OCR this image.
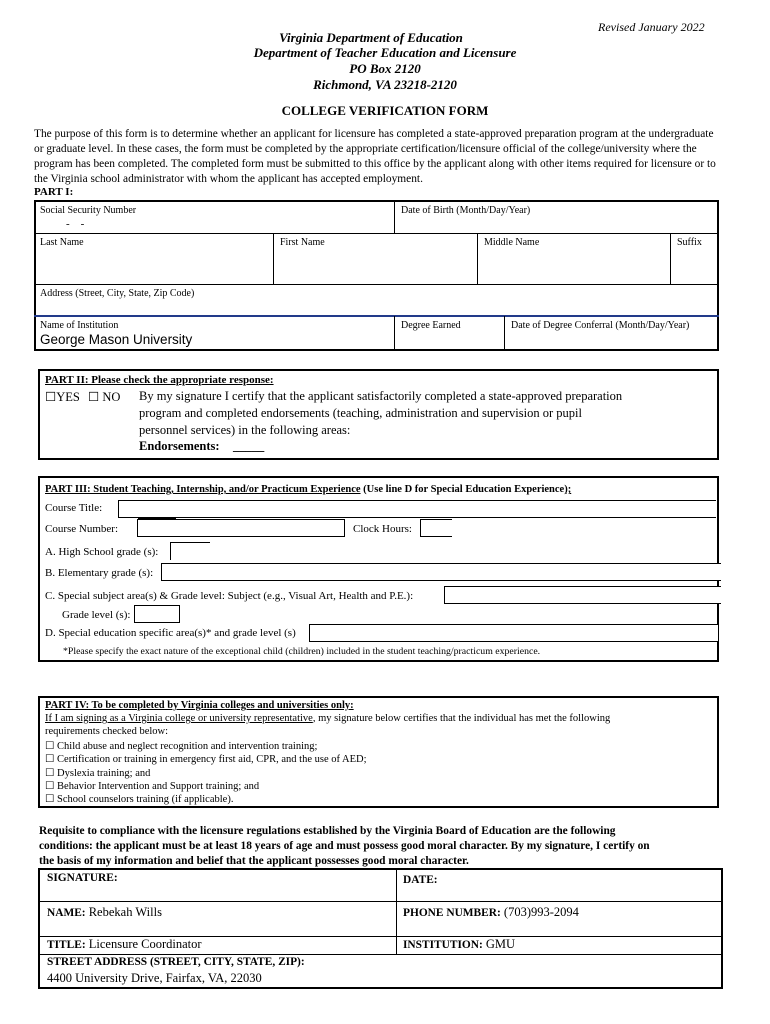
Revised January 2022
Virginia Department of Education
Department of Teacher Education and Licensure
PO Box 2120
Richmond, VA 23218-2120
COLLEGE VERIFICATION FORM
The purpose of this form is to determine whether an applicant for licensure has completed a state-approved preparation program at the undergraduate or graduate level. In these cases, the form must be completed by the appropriate certification/licensure official of the college/university where the program has been completed. The completed form must be submitted to this office by the applicant along with other items required for licensure or to the Virginia school administrator with whom the applicant has accepted employment.
PART I:
Social Security Number
-    -
Date of Birth (Month/Day/Year)
Last Name	First Name	Middle Name	Suffix
Address (Street, City, State, Zip Code)
Name of Institution
George Mason University
Degree Earned	Date of Degree Conferral (Month/Day/Year)
PART II: Please check the appropriate response:
☐YES ☐ NO By my signature I certify that the applicant satisfactorily completed a state-approved preparation
program and completed endorsements (teaching, administration and supervision or pupil
personnel services) in the following areas:
Endorsements: _____
PART III: Student Teaching, Internship, and/or Practicum Experience (Use line D for Special Education Experience);
Course Title:
Course Number:	Clock Hours:
A. High School grade (s):
B. Elementary grade (s):
C. Special subject area(s) & Grade level: Subject (e.g., Visual Art, Health and P.E.):
Grade level (s):
D. Special education specific area(s)* and grade level (s)
*Please specify the exact nature of the exceptional child (children) included in the student teaching/practicum experience.
PART IV: To be completed by Virginia colleges and universities only:
If I am signing as a Virginia college or university representative, my signature below certifies that the individual has met the following
requirements checked below:
☐ Child abuse and neglect recognition and intervention training;
☐ Certification or training in emergency first aid, CPR, and the use of AED;
☐ Dyslexia training; and
☐ Behavior Intervention and Support training; and
☐ School counselors training (if applicable).
Requisite to compliance with the licensure regulations established by the Virginia Board of Education are the following
conditions: the applicant must be at least 18 years of age and must possess good moral character. By my signature, I certify on
the basis of my information and belief that the applicant possesses good moral character.
SIGNATURE:	DATE:
NAME: Rebekah Wills	PHONE NUMBER: (703)993-2094
TITLE: Licensure Coordinator	INSTITUTION: GMU
STREET ADDRESS (STREET, CITY, STATE, ZIP):
4400 University Drive, Fairfax, VA, 22030
